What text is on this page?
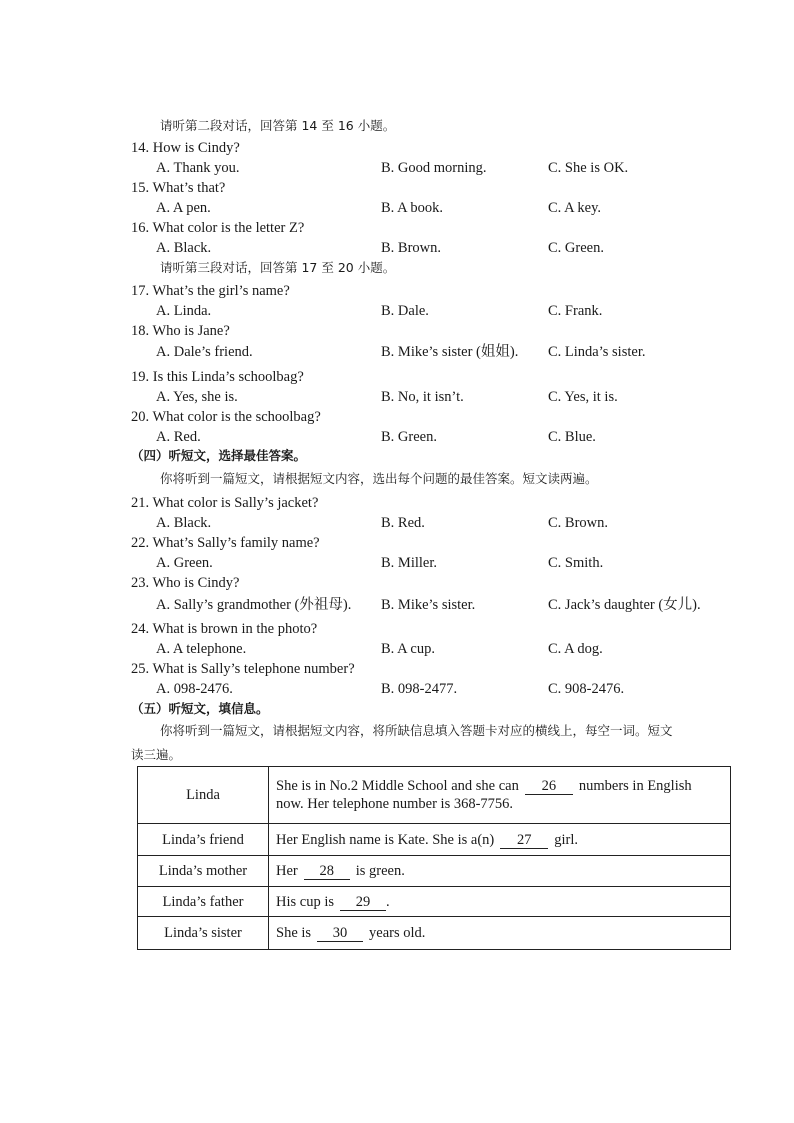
请听第二段对话，回答第 14 至 16 小题。
14. How is Cindy?
A. Thank you.	B. Good morning.	C. She is OK.
15. What’s that?
A. A pen.	B. A book.	C. A key.
16. What color is the letter Z?
A. Black.	B. Brown.	C. Green.
请听第三段对话，回答第 17 至 20 小题。
17. What’s the girl’s name?
A. Linda.	B. Dale.	C. Frank.
18. Who is Jane?
A. Dale’s friend.	B. Mike’s sister (姐姐). C. Linda’s sister.
19. Is this Linda’s schoolbag?
A. Yes, she is.	B. No, it isn’t.	C. Yes, it is.
20. What color is the schoolbag?
A. Red.	B. Green.	C. Blue.
（四）听短文，选择最佳答案。
你将听到一篇短文，请根据短文内容，选出每个问题的最佳答案。短文读两遍。
21. What color is Sally’s jacket?
A. Black.	B. Red.	C. Brown.
22. What’s Sally’s family name?
A. Green.	B. Miller.	C. Smith.
23. Who is Cindy?
A. Sally’s grandmother (外祖母). B. Mike’s sister.	C. Jack’s daughter (女儿).
24. What is brown in the photo?
A. A telephone.	B. A cup.	C. A dog.
25. What is Sally’s telephone number?
A. 098-2476.	B. 098-2477.	C. 908-2476.
（五）听短文，填信息。
你将听到一篇短文，请根据短文内容，将所缺信息填入答题卡对应的横线上，每空一词。短文
读三遍。
Linda	She is in No.2 Middle School and she can 26 numbers in English
now. Her telephone number is 368-7756.

Linda’s friend	Her English name is Kate. She is a(n) 27 girl.
Linda’s mother	Her 28 is green.
Linda’s father	His cup is 29 .
Linda’s sister	She is 30 years old.
